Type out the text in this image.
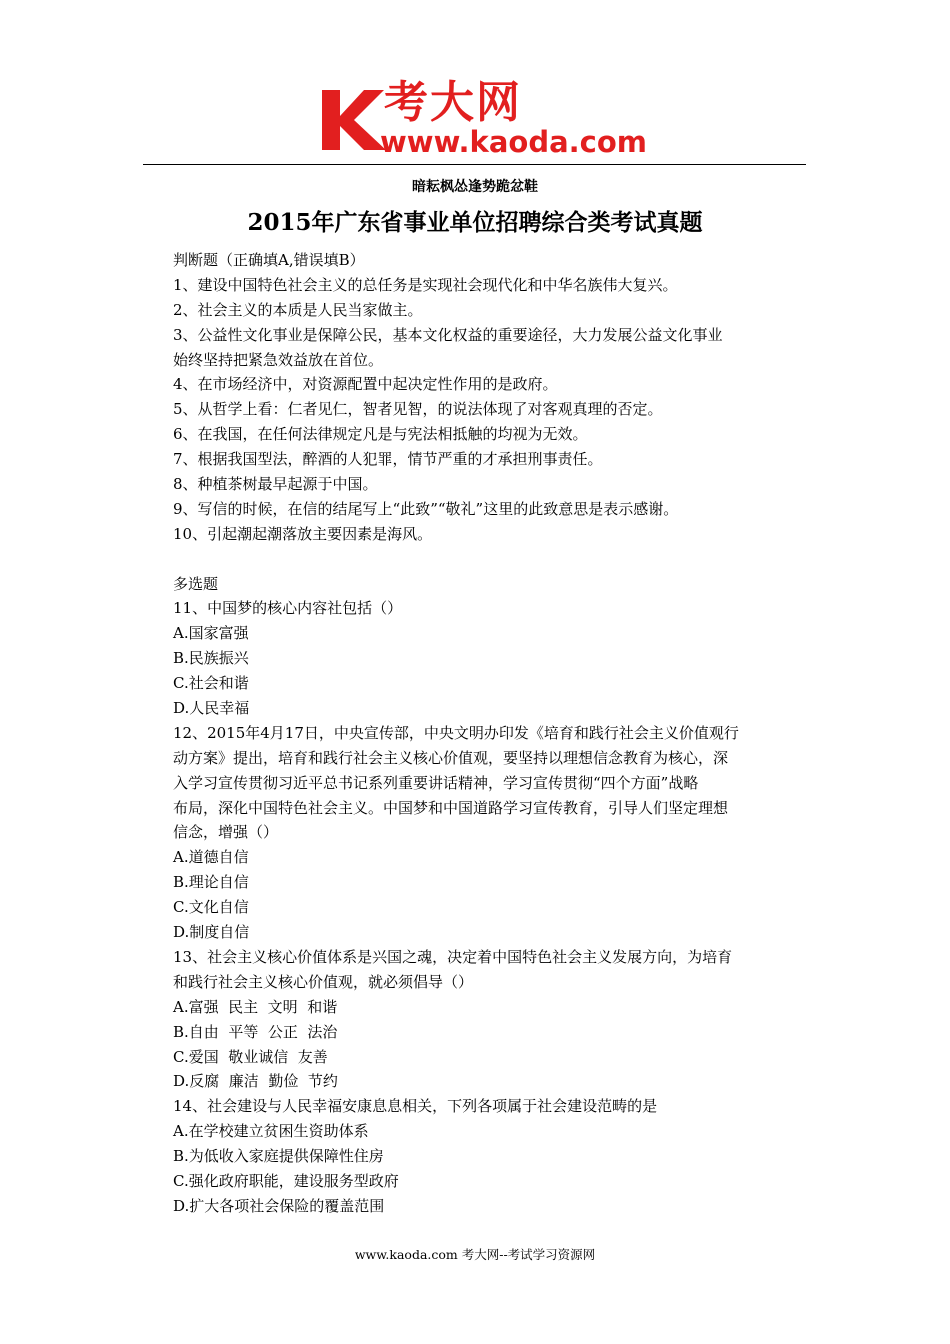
考大网
www.kaoda.com
暗耘枫怂逢势跪忿鞋
2015年广东省事业单位招聘综合类考试真题
判断题（正确填A,错误填B）
1、建设中国特色社会主义的总任务是实现社会现代化和中华名族伟大复兴。
2、社会主义的本质是人民当家做主。
3、公益性文化事业是保障公民，基本文化权益的重要途径，大力发展公益文化事业
始终坚持把紧急效益放在首位。
4、在市场经济中，对资源配置中起决定性作用的是政府。
5、从哲学上看：仁者见仁，智者见智，的说法体现了对客观真理的否定。
6、在我国，在任何法律规定凡是与宪法相抵触的均视为无效。
7、根据我国型法，醉酒的人犯罪，情节严重的才承担刑事责任。
8、种植茶树最早起源于中国。
9、写信的时候，在信的结尾写上“此致”“敬礼”这里的此致意思是表示感谢。
10、引起潮起潮落放主要因素是海风。
多选题
11、中国梦的核心内容社包括（）
A.国家富强
B.民族振兴
C.社会和谐
D.人民幸福
12、2015年4月17日，中央宣传部，中央文明办印发《培育和践行社会主义价值观行
动方案》提出，培育和践行社会主义核心价值观，要坚持以理想信念教育为核心，深
入学习宣传贯彻习近平总书记系列重要讲话精神，学习宣传贯彻“四个方面”战略
布局，深化中国特色社会主义。中国梦和中国道路学习宣传教育，引导人们坚定理想
信念，增强（）
A.道德自信
B.理论自信
C.文化自信
D.制度自信
13、社会主义核心价值体系是兴国之魂，决定着中国特色社会主义发展方向，为培育
和践行社会主义核心价值观，就必须倡导（）
A.富强  民主  文明  和谐
B.自由  平等  公正  法治
C.爱国  敬业诚信  友善
D.反腐  廉洁  勤俭  节约
14、社会建设与人民幸福安康息息相关，下列各项属于社会建设范畴的是
A.在学校建立贫困生资助体系
B.为低收入家庭提供保障性住房
C.强化政府职能，建设服务型政府
D.扩大各项社会保险的覆盖范围
www.kaoda.com 考大网--考试学习资源网
